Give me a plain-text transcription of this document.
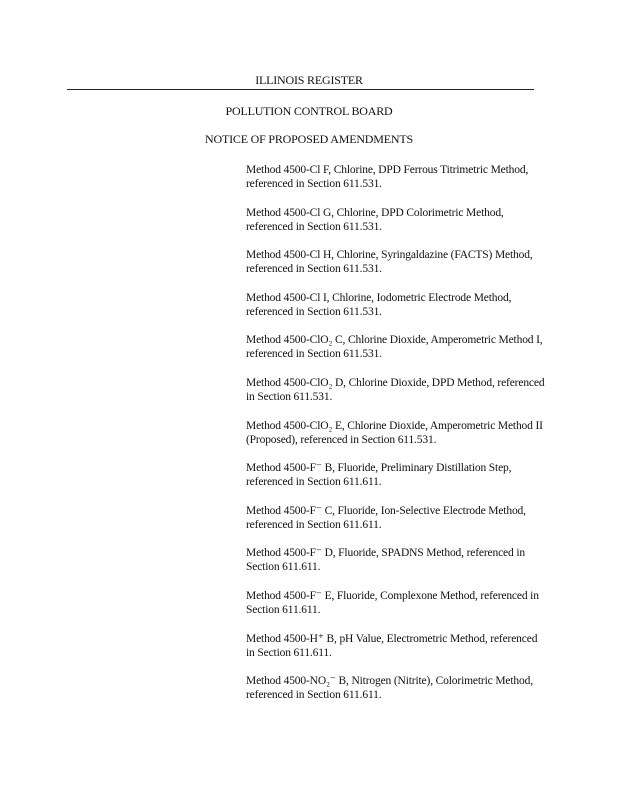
ILLINOIS REGISTER
POLLUTION CONTROL BOARD
NOTICE OF PROPOSED AMENDMENTS
Method 4500-Cl F, Chlorine, DPD Ferrous Titrimetric Method, referenced in Section 611.531.
Method 4500-Cl G, Chlorine, DPD Colorimetric Method, referenced in Section 611.531.
Method 4500-Cl H, Chlorine, Syringaldazine (FACTS) Method, referenced in Section 611.531.
Method 4500-Cl I, Chlorine, Iodometric Electrode Method, referenced in Section 611.531.
Method 4500-ClO₂ C, Chlorine Dioxide, Amperometric Method I, referenced in Section 611.531.
Method 4500-ClO₂ D, Chlorine Dioxide, DPD Method, referenced in Section 611.531.
Method 4500-ClO₂ E, Chlorine Dioxide, Amperometric Method II (Proposed), referenced in Section 611.531.
Method 4500-F⁻ B, Fluoride, Preliminary Distillation Step, referenced in Section 611.611.
Method 4500-F⁻ C, Fluoride, Ion-Selective Electrode Method, referenced in Section 611.611.
Method 4500-F⁻ D, Fluoride, SPADNS Method, referenced in Section 611.611.
Method 4500-F⁻ E, Fluoride, Complexone Method, referenced in Section 611.611.
Method 4500-H⁺ B, pH Value, Electrometric Method, referenced in Section 611.611.
Method 4500-NO₂⁻ B, Nitrogen (Nitrite), Colorimetric Method, referenced in Section 611.611.
